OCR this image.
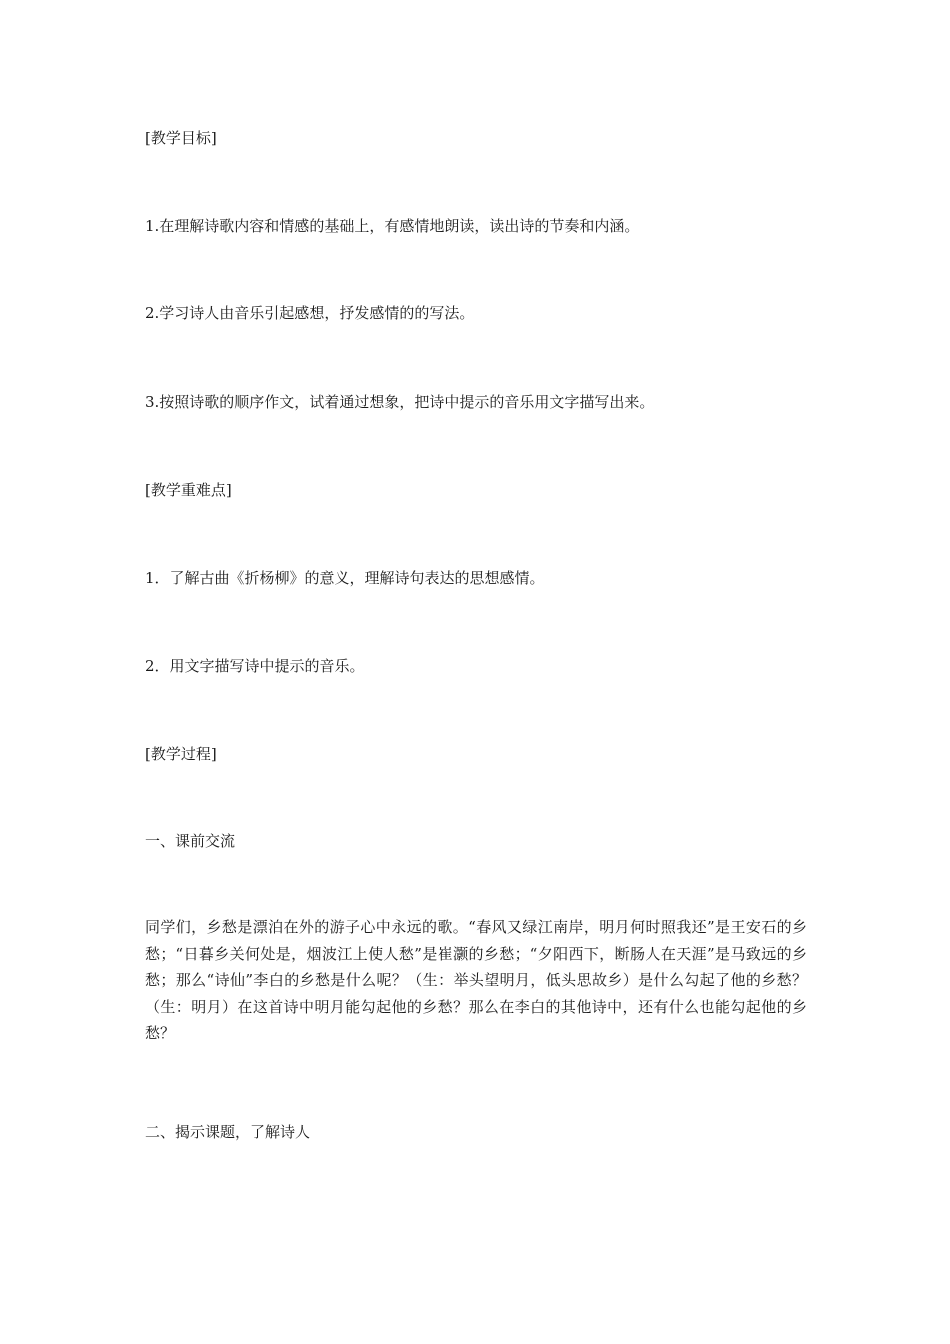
[教学目标]
1.在理解诗歌内容和情感的基础上，有感情地朗读，读出诗的节奏和内涵。
2.学习诗人由音乐引起感想，抒发感情的的写法。
3.按照诗歌的顺序作文，试着通过想象，把诗中提示的音乐用文字描写出来。
[教学重难点]
1．了解古曲《折杨柳》的意义，理解诗句表达的思想感情。
2．用文字描写诗中提示的音乐。
[教学过程]
一、课前交流
同学们，乡愁是漂泊在外的游子心中永远的歌。“春风又绿江南岸，明月何时照我还”是王安石的乡愁；“日暮乡关何处是，烟波江上使人愁”是崔灏的乡愁；“夕阳西下，断肠人在天涯”是马致远的乡愁；那么“诗仙”李白的乡愁是什么呢？（生：举头望明月，低头思故乡）是什么勾起了他的乡愁？（生：明月）在这首诗中明月能勾起他的乡愁？那么在李白的其他诗中，还有什么也能勾起他的乡愁？
二、揭示课题，了解诗人
